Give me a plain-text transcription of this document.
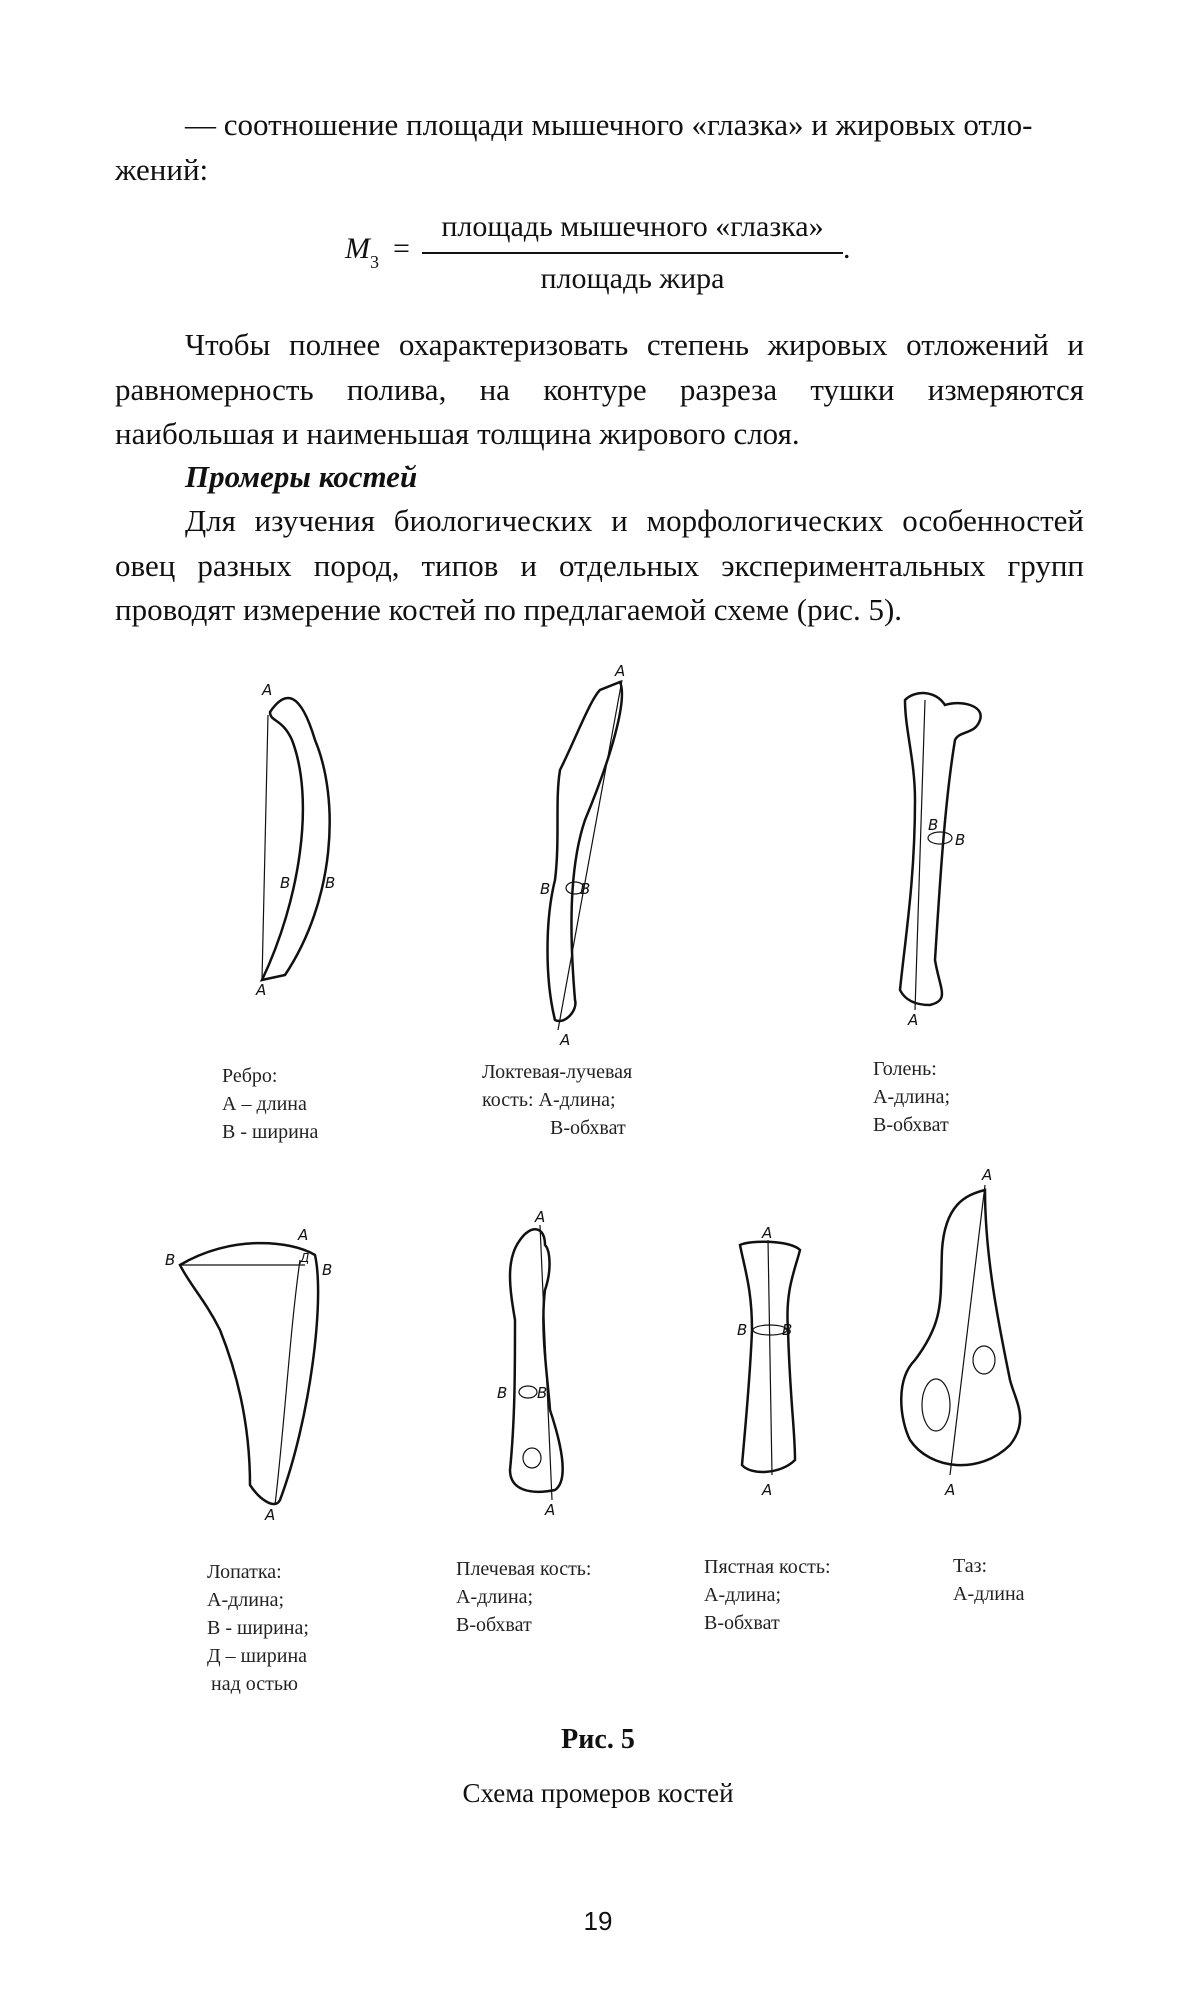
— соотношение площади мышечного «глазка» и жировых отло-
жений:
M 3 =
площадь мышечного «глазка»
площадь жира
.
Чтобы полнее охарактеризовать степень жировых отложений и
равномерность полива, на контуре разреза тушки измеряются
наибольшая и наименьшая толщина жирового слоя.
Промеры костей
Для изучения биологических и морфологических особенностей
овец разных пород, типов и отдельных экспериментальных групп
проводят измерение костей по предлагаемой схеме (рис. 5).
А
А
В В
А
А
В В
В
В
А
В
В
А
А
Д
А
А
В В
А
А
В В
А
А
Ребро:
А – длина
В - ширина
Локтевая-лучевая
кость: А-длина;
В-обхват
Голень:
А-длина;
В-обхват
Лопатка:
А-длина;
В - ширина;
Д – ширина
над остью
Плечевая кость:
А-длина;
В-обхват
Пястная кость:
А-длина;
В-обхват
Таз:
А-длина
Рис. 5
Схема промеров костей
19
